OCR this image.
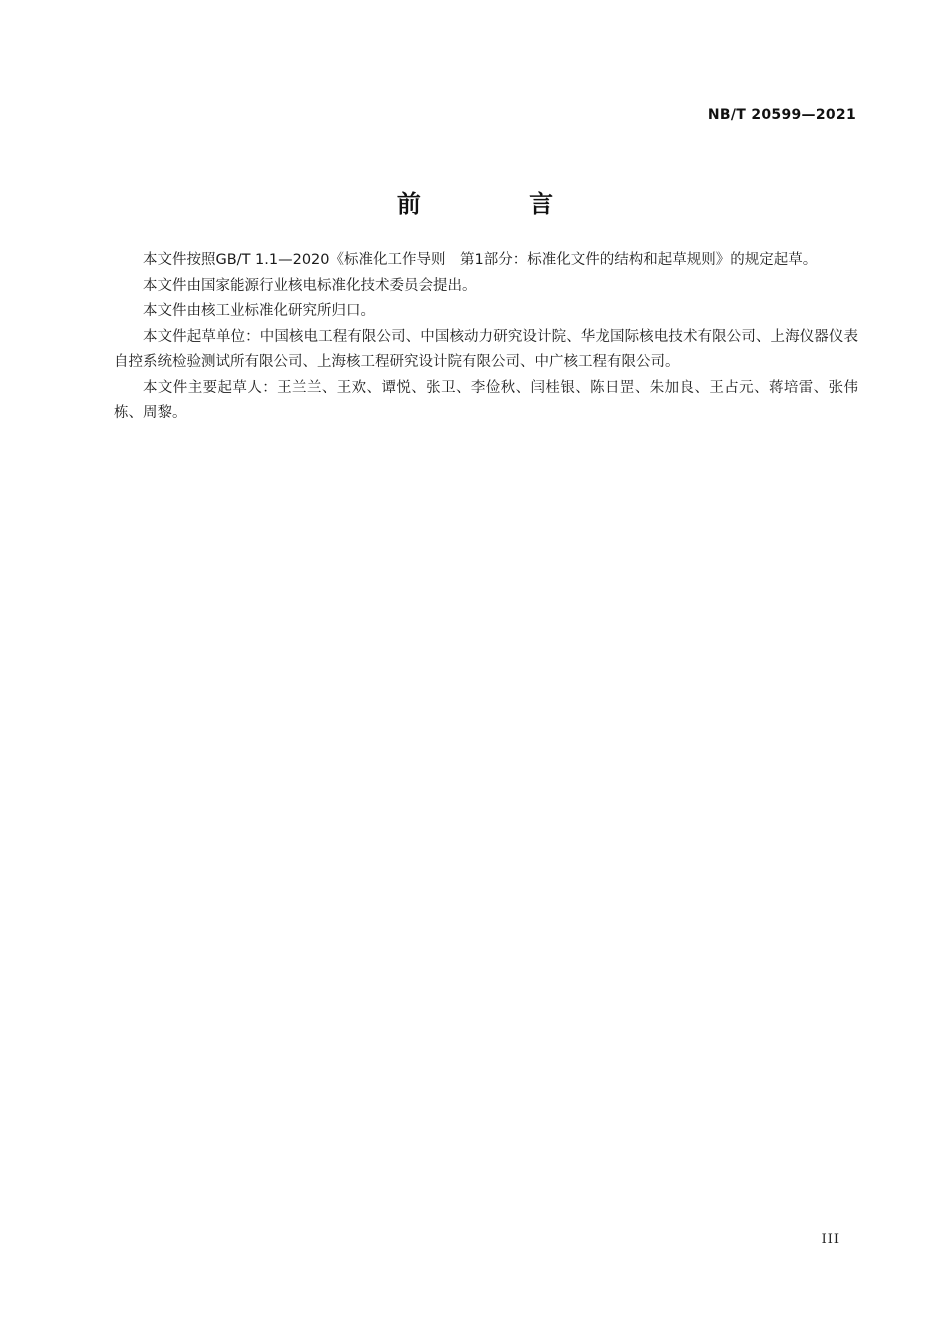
NB/T 20599—2021
前 言

本文件按照GB/T 1.1—2020《标准化工作导则　第1部分：标准化文件的结构和起草规则》的规定起草。

本文件由国家能源行业核电标准化技术委员会提出。

本文件由核工业标准化研究所归口。

本文件起草单位：中国核电工程有限公司、中国核动力研究设计院、华龙国际核电技术有限公司、上海仪器仪表自控系统检验测试所有限公司、上海核工程研究设计院有限公司、中广核工程有限公司。

本文件主要起草人：王兰兰、王欢、谭悦、张卫、李俭秋、闫桂银、陈日罡、朱加良、王占元、蒋培雷、张伟栋、周黎。

III
